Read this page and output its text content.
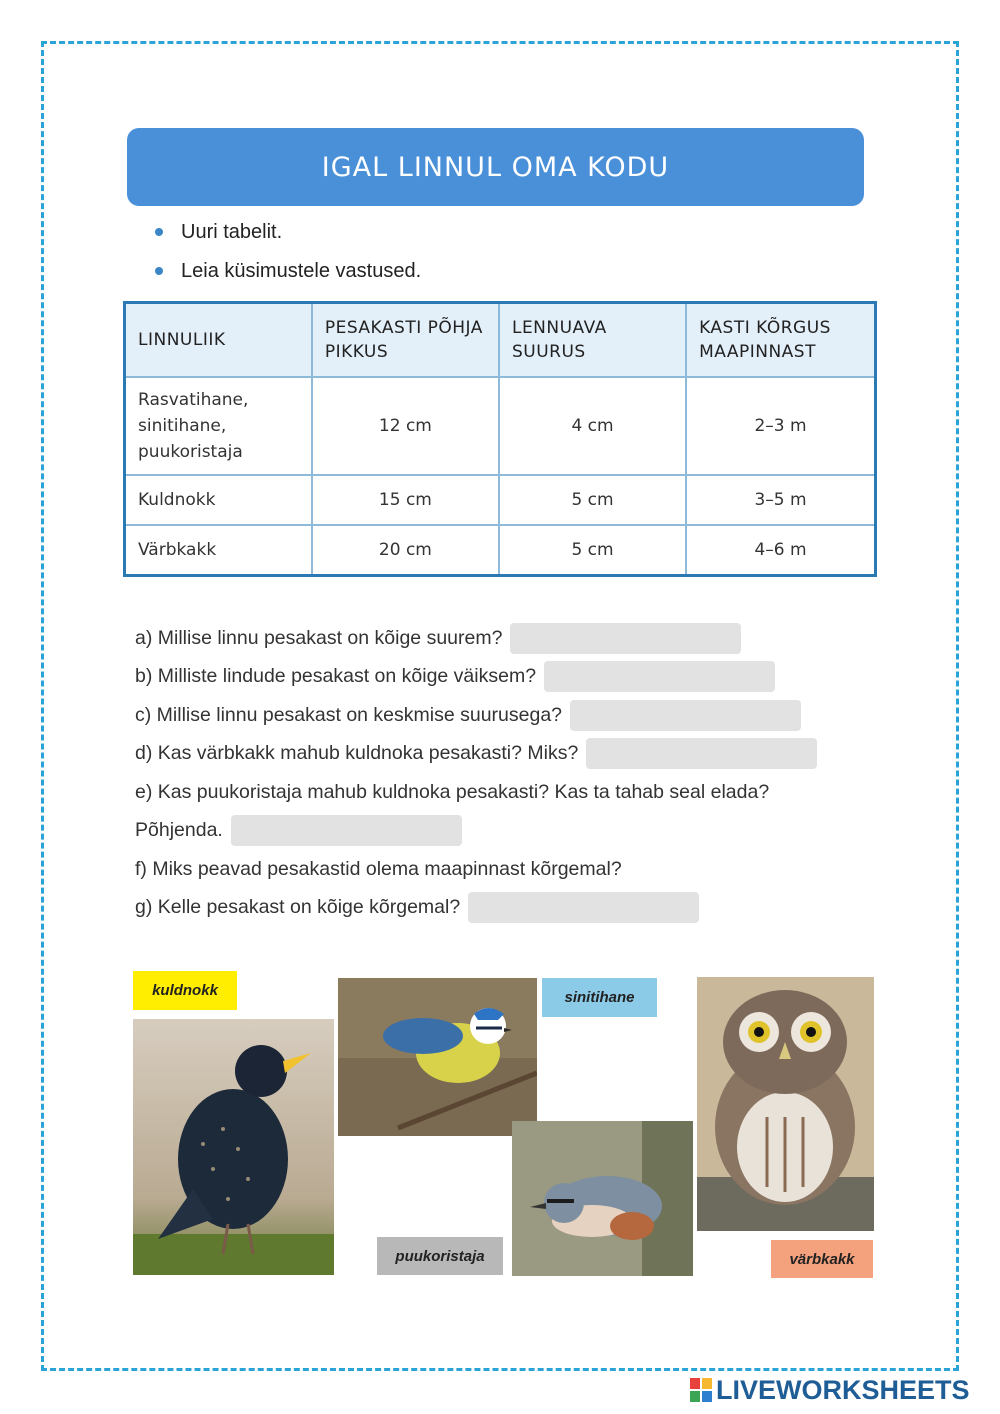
IGAL LINNUL OMA KODU
Uuri tabelit.
Leia küsimustele vastused.
LINNULIIK	PESAKASTI PÕHJA PIKKUS	LENNUAVA SUURUS	KASTI KÕRGUS MAAPINNAST
Rasvatihane, sinitihane, puukoristaja	12 cm	4 cm	2–3 m
Kuldnokk	15 cm	5 cm	3–5 m
Värbkakk	20 cm	5 cm	4–6 m
a) Millise linnu pesakast on kõige suurem?
b) Milliste lindude pesakast on kõige väiksem?
c) Millise linnu pesakast on keskmise suurusega?
d) Kas värbkakk mahub kuldnoka pesakasti? Miks?
e) Kas puukoristaja mahub kuldnoka pesakasti? Kas ta tahab seal elada?
Põhjenda.
f) Miks peavad pesakastid olema maapinnast kõrgemal?
g) Kelle pesakast on kõige kõrgemal?
kuldnokk	sinitihane
puukoristaja	värbkakk
LIVEWORKSHEETS
